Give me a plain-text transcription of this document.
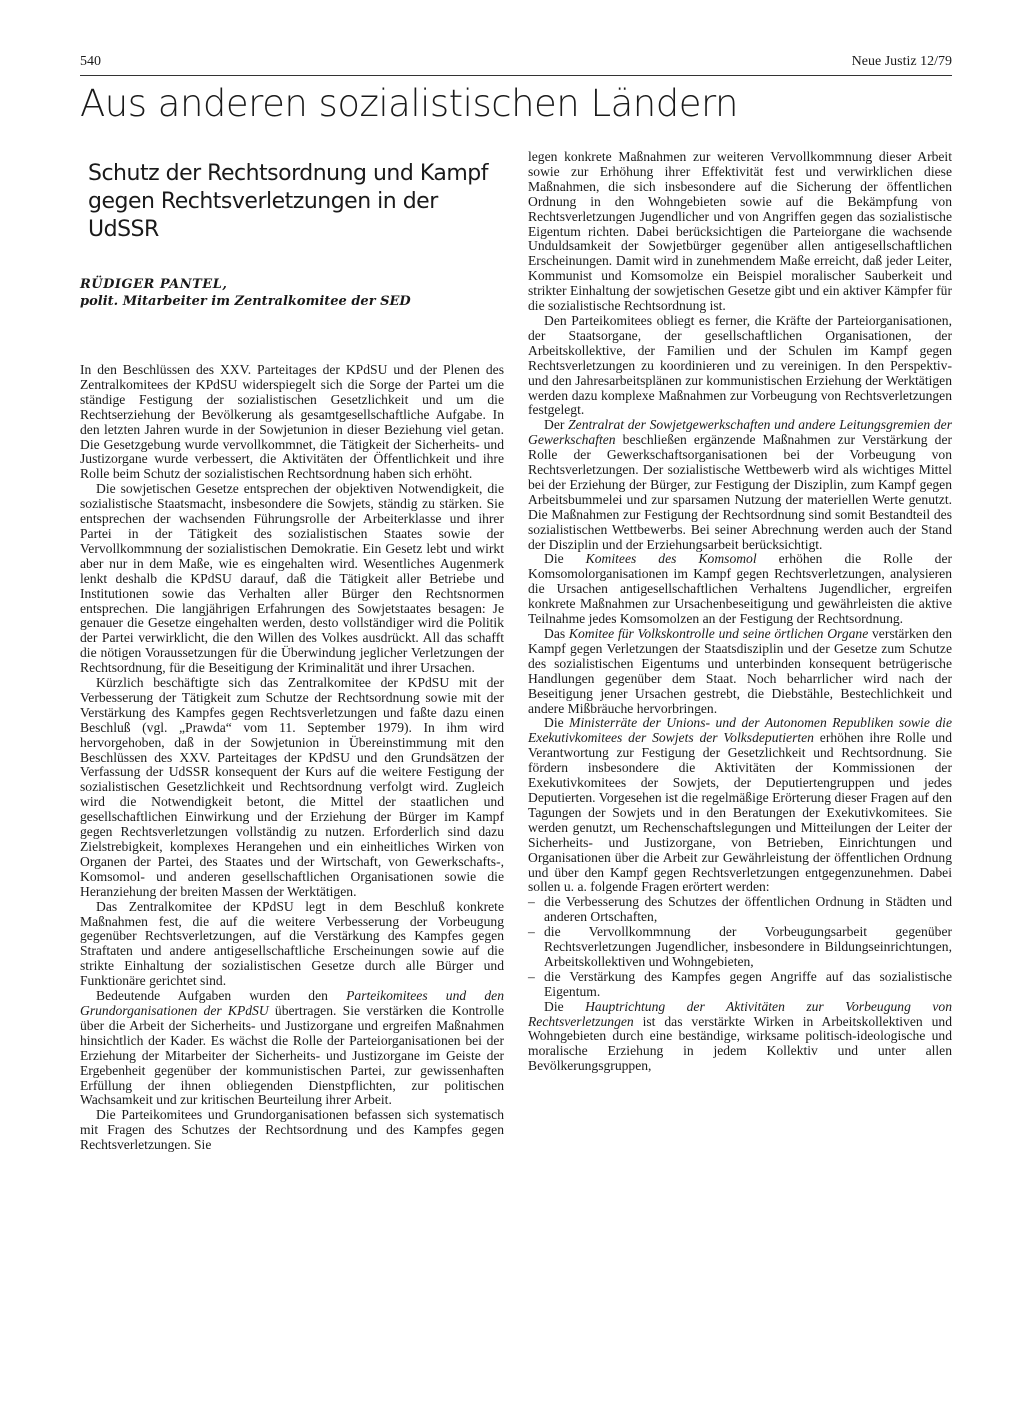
540	Neue Justiz 12/79
Aus anderen sozialistischen Ländern
Schutz der Rechtsordnung und Kampf
gegen Rechtsverletzungen in der UdSSR
RÜDIGER PANTEL,
polit. Mitarbeiter im Zentralkomitee der SED

In den Beschlüssen des XXV. Parteitages der KPdSU und der Plenen des Zentralkomitees der KPdSU widerspiegelt sich die Sorge der Partei um die ständige Festigung der sozialistischen Gesetzlichkeit und um die Rechtserziehung der Bevölkerung als gesamtgesellschaftliche Aufgabe. In den letzten Jahren wurde in der Sowjetunion in dieser Beziehung viel getan. Die Gesetzgebung wurde vervollkommnet, die Tätigkeit der Sicherheits- und Justizorgane wurde verbessert, die Aktivitäten der Öffentlichkeit und ihre Rolle beim Schutz der sozialistischen Rechtsordnung haben sich erhöht.

Die sowjetischen Gesetze entsprechen der objektiven Notwendigkeit, die sozialistische Staatsmacht, insbesondere die Sowjets, ständig zu stärken. Sie entsprechen der wachsenden Führungsrolle der Arbeiterklasse und ihrer Partei in der Tätigkeit des sozialistischen Staates sowie der Vervollkommnung der sozialistischen Demokratie. Ein Gesetz lebt und wirkt aber nur in dem Maße, wie es eingehalten wird. Wesentliches Augenmerk lenkt deshalb die KPdSU darauf, daß die Tätigkeit aller Betriebe und Institutionen sowie das Verhalten aller Bürger den Rechtsnormen entsprechen. Die langjährigen Erfahrungen des Sowjetstaates besagen: Je genauer die Gesetze eingehalten werden, desto vollständiger wird die Politik der Partei verwirklicht, die den Willen des Volkes ausdrückt. All das schafft die nötigen Voraussetzungen für die Überwindung jeglicher Verletzungen der Rechtsordnung, für die Beseitigung der Kriminalität und ihrer Ursachen.

Kürzlich beschäftigte sich das Zentralkomitee der KPdSU mit der Verbesserung der Tätigkeit zum Schutze der Rechtsordnung sowie mit der Verstärkung des Kampfes gegen Rechtsverletzungen und faßte dazu einen Beschluß (vgl. „Prawda“ vom 11. September 1979). In ihm wird hervorgehoben, daß in der Sowjetunion in Übereinstimmung mit den Beschlüssen des XXV. Parteitages der KPdSU und den Grundsätzen der Verfassung der UdSSR konsequent der Kurs auf die weitere Festigung der sozialistischen Gesetzlichkeit und Rechtsordnung verfolgt wird. Zugleich wird die Notwendigkeit betont, die Mittel der staatlichen und gesellschaftlichen Einwirkung und der Erziehung der Bürger im Kampf gegen Rechtsverletzungen vollständig zu nutzen. Erforderlich sind dazu Zielstrebigkeit, komplexes Herangehen und ein einheitliches Wirken von Organen der Partei, des Staates und der Wirtschaft, von Gewerkschafts-, Komsomol- und anderen gesellschaftlichen Organisationen sowie die Heranziehung der breiten Massen der Werktätigen.

Das Zentralkomitee der KPdSU legt in dem Beschluß konkrete Maßnahmen fest, die auf die weitere Verbesserung der Vorbeugung gegenüber Rechtsverletzungen, auf die Verstärkung des Kampfes gegen Straftaten und andere antigesellschaftliche Erscheinungen sowie auf die strikte Einhaltung der sozialistischen Gesetze durch alle Bürger und Funktionäre gerichtet sind.

Bedeutende Aufgaben wurden den Parteikomitees und den Grundorganisationen der KPdSU übertragen. Sie verstärken die Kontrolle über die Arbeit der Sicherheits- und Justizorgane und ergreifen Maßnahmen hinsichtlich der Kader. Es wächst die Rolle der Parteiorganisationen bei der Erziehung der Mitarbeiter der Sicherheits- und Justizorgane im Geiste der Ergebenheit gegenüber der kommunistischen Partei, zur gewissenhaften Erfüllung der ihnen obliegenden Dienstpflichten, zur politischen Wachsamkeit und zur kritischen Beurteilung ihrer Arbeit.

Die Parteikomitees und Grundorganisationen befassen sich systematisch mit Fragen des Schutzes der Rechtsordnung und des Kampfes gegen Rechtsverletzungen. Sie

legen konkrete Maßnahmen zur weiteren Vervollkommnung dieser Arbeit sowie zur Erhöhung ihrer Effektivität fest und verwirklichen diese Maßnahmen, die sich insbesondere auf die Sicherung der öffentlichen Ordnung in den Wohngebieten sowie auf die Bekämpfung von Rechtsverletzungen Jugendlicher und von Angriffen gegen das sozialistische Eigentum richten. Dabei berücksichtigen die Parteiorgane die wachsende Unduldsamkeit der Sowjetbürger gegenüber allen antigesellschaftlichen Erscheinungen. Damit wird in zunehmendem Maße erreicht, daß jeder Leiter, Kommunist und Komsomolze ein Beispiel moralischer Sauberkeit und strikter Einhaltung der sowjetischen Gesetze gibt und ein aktiver Kämpfer für die sozialistische Rechtsordnung ist.

Den Parteikomitees obliegt es ferner, die Kräfte der Parteiorganisationen, der Staatsorgane, der gesellschaftlichen Organisationen, der Arbeitskollektive, der Familien und der Schulen im Kampf gegen Rechtsverletzungen zu koordinieren und zu vereinigen. In den Perspektiv- und den Jahresarbeitsplänen zur kommunistischen Erziehung der Werktätigen werden dazu komplexe Maßnahmen zur Vorbeugung von Rechtsverletzungen festgelegt.

Der Zentralrat der Sowjetgewerkschaften und andere Leitungsgremien der Gewerkschaften beschließen ergänzende Maßnahmen zur Verstärkung der Rolle der Gewerkschaftsorganisationen bei der Vorbeugung von Rechtsverletzungen. Der sozialistische Wettbewerb wird als wichtiges Mittel bei der Erziehung der Bürger, zur Festigung der Disziplin, zum Kampf gegen Arbeitsbummelei und zur sparsamen Nutzung der materiellen Werte genutzt. Die Maßnahmen zur Festigung der Rechtsordnung sind somit Bestandteil des sozialistischen Wettbewerbs. Bei seiner Abrechnung werden auch der Stand der Disziplin und der Erziehungsarbeit berücksichtigt.

Die Komitees des Komsomol erhöhen die Rolle der Komsomolorganisationen im Kampf gegen Rechtsverletzungen, analysieren die Ursachen antigesellschaftlichen Verhaltens Jugendlicher, ergreifen konkrete Maßnahmen zur Ursachenbeseitigung und gewährleisten die aktive Teilnahme jedes Komsomolzen an der Festigung der Rechtsordnung.

Das Komitee für Volkskontrolle und seine örtlichen Organe verstärken den Kampf gegen Verletzungen der Staatsdisziplin und der Gesetze zum Schutze des sozialistischen Eigentums und unterbinden konsequent betrügerische Handlungen gegenüber dem Staat. Noch beharrlicher wird nach der Beseitigung jener Ursachen gestrebt, die Diebstähle, Bestechlichkeit und andere Mißbräuche hervorbringen.

Die Ministerräte der Unions- und der Autonomen Republiken sowie die Exekutivkomitees der Sowjets der Volksdeputierten erhöhen ihre Rolle und Verantwortung zur Festigung der Gesetzlichkeit und Rechtsordnung. Sie fördern insbesondere die Aktivitäten der Kommissionen der Exekutivkomitees der Sowjets, der Deputiertengruppen und jedes Deputierten. Vorgesehen ist die regelmäßige Erörterung dieser Fragen auf den Tagungen der Sowjets und in den Beratungen der Exekutivkomitees. Sie werden genutzt, um Rechenschaftslegungen und Mitteilungen der Leiter der Sicherheits- und Justizorgane, von Betrieben, Einrichtungen und Organisationen über die Arbeit zur Gewährleistung der öffentlichen Ordnung und über den Kampf gegen Rechtsverletzungen entgegenzunehmen. Dabei sollen u. a. folgende Fragen erörtert werden:

– die Verbesserung des Schutzes der öffentlichen Ordnung in Städten und anderen Ortschaften,
– die Vervollkommnung der Vorbeugungsarbeit gegenüber Rechtsverletzungen Jugendlicher, insbesondere in Bildungseinrichtungen, Arbeitskollektiven und Wohngebieten,
– die Verstärkung des Kampfes gegen Angriffe auf das sozialistische Eigentum.

Die Hauptrichtung der Aktivitäten zur Vorbeugung von Rechtsverletzungen ist das verstärkte Wirken in Arbeitskollektiven und Wohngebieten durch eine beständige, wirksame politisch-ideologische und moralische Erziehung in jedem Kollektiv und unter allen Bevölkerungsgruppen,
